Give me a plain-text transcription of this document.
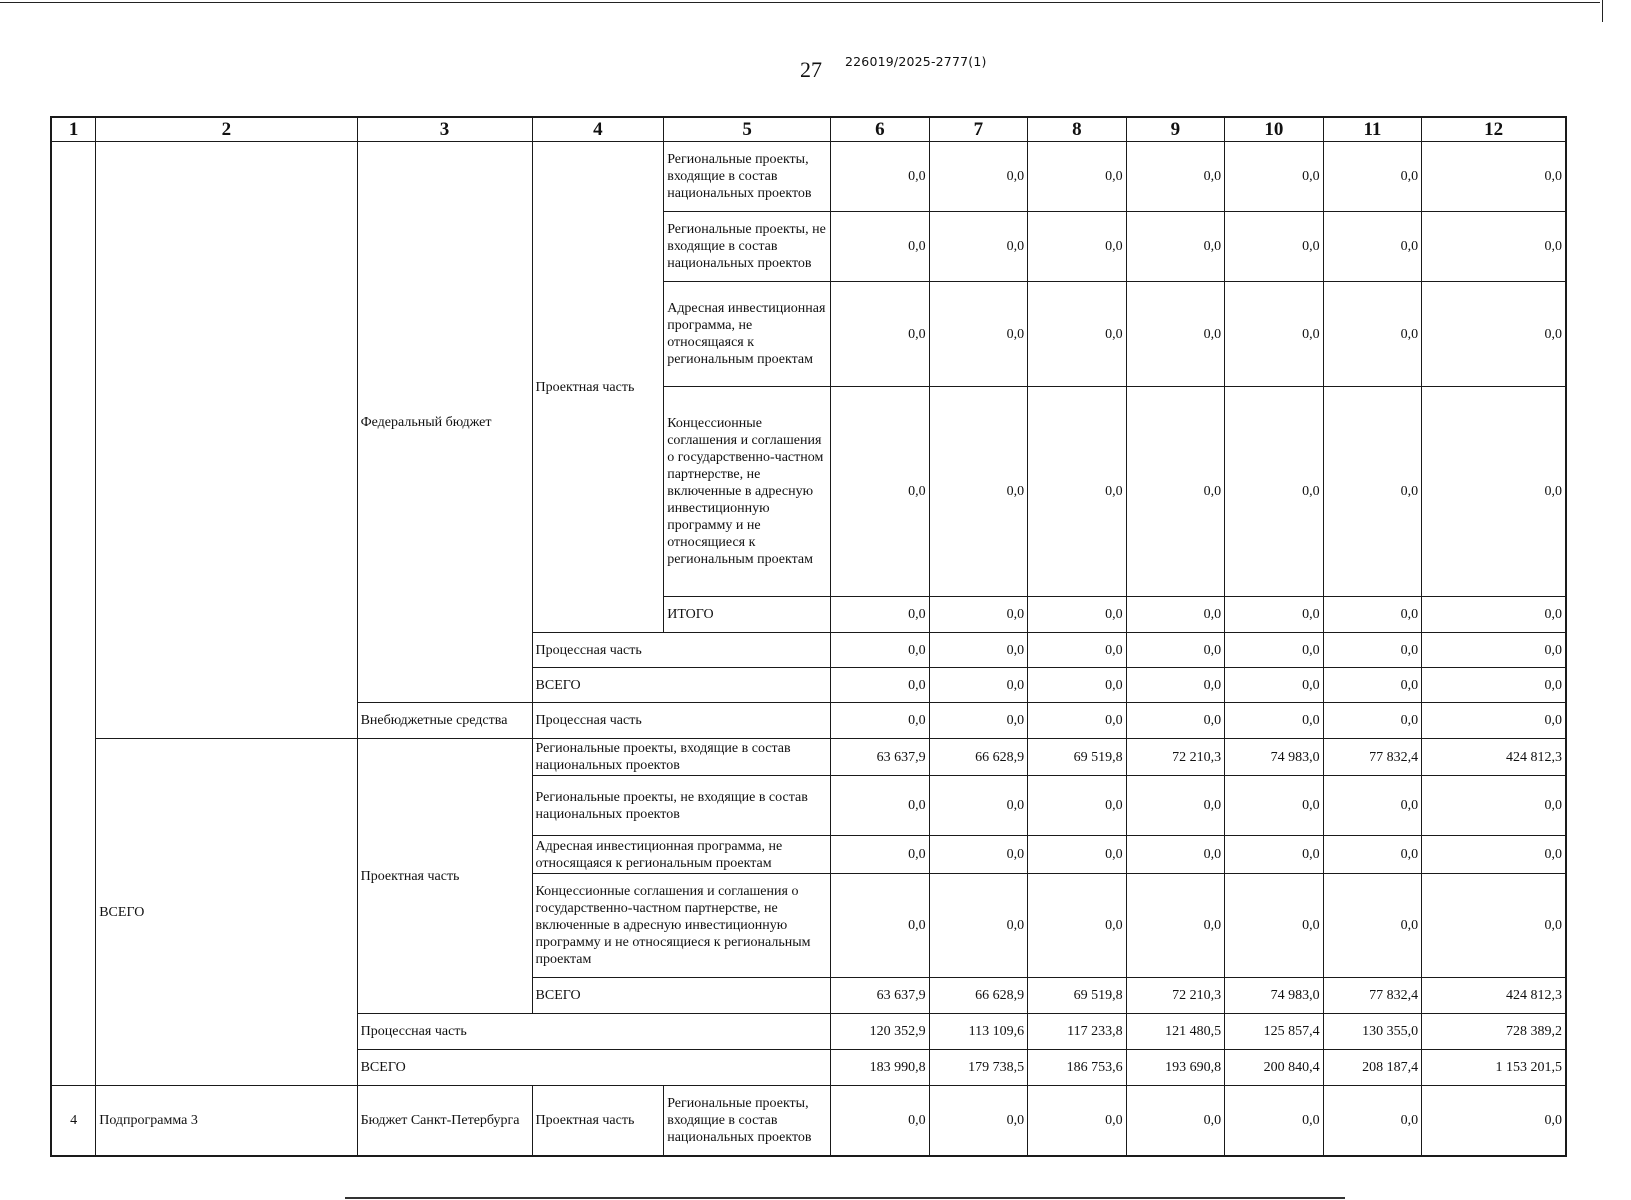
27 226019/2025-2777(1)
1	2	3	4	5	6	7	8	9	10	11	12
		Федеральный бюджет	Проектная часть	Региональные проекты, входящие в состав национальных проектов	0,0	0,0	0,0	0,0	0,0	0,0	0,0
				Региональные проекты, не входящие в состав национальных проектов	0,0	0,0	0,0	0,0	0,0	0,0	0,0
				Адресная инвестиционная программа, не относящаяся к региональным проектам	0,0	0,0	0,0	0,0	0,0	0,0	0,0
				Концессионные соглашения и соглашения о государственно-частном партнерстве, не включенные в адресную инвестиционную программу и не относящиеся к региональным проектам	0,0	0,0	0,0	0,0	0,0	0,0	0,0
				ИТОГО	0,0	0,0	0,0	0,0	0,0	0,0	0,0
			Процессная часть		0,0	0,0	0,0	0,0	0,0	0,0	0,0
			ВСЕГО		0,0	0,0	0,0	0,0	0,0	0,0	0,0
		Внебюджетные средства	Процессная часть		0,0	0,0	0,0	0,0	0,0	0,0	0,0
	ВСЕГО	Проектная часть	Региональные проекты, входящие в состав национальных проектов		63 637,9	66 628,9	69 519,8	72 210,3	74 983,0	77 832,4	424 812,3
			Региональные проекты, не входящие в состав национальных проектов		0,0	0,0	0,0	0,0	0,0	0,0	0,0
			Адресная инвестиционная программа, не относящаяся к региональным проектам		0,0	0,0	0,0	0,0	0,0	0,0	0,0
			Концессионные соглашения и соглашения о государственно-частном партнерстве, не включенные в адресную инвестиционную программу и не относящиеся к региональным проектам		0,0	0,0	0,0	0,0	0,0	0,0	0,0
			ВСЕГО		63 637,9	66 628,9	69 519,8	72 210,3	74 983,0	77 832,4	424 812,3
		Процессная часть			120 352,9	113 109,6	117 233,8	121 480,5	125 857,4	130 355,0	728 389,2
		ВСЕГО			183 990,8	179 738,5	186 753,6	193 690,8	200 840,4	208 187,4	1 153 201,5
4	Подпрограмма 3	Бюджет Санкт-Петербурга	Проектная часть	Региональные проекты, входящие в состав национальных проектов	0,0	0,0	0,0	0,0	0,0	0,0	0,0
